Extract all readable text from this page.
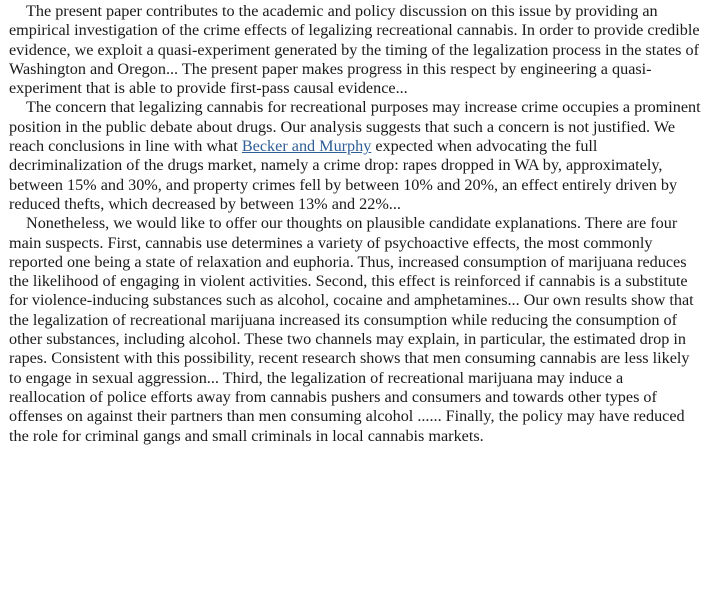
The present paper contributes to the academic and policy discussion on this issue by providing an empirical investigation of the crime effects of legalizing recreational cannabis. In order to provide credible evidence, we exploit a quasi-experiment generated by the timing of the legalization process in the states of Washington and Oregon... The present paper makes progress in this respect by engineering a quasi-experiment that is able to provide first-pass causal evidence...

The concern that legalizing cannabis for recreational purposes may increase crime occupies a prominent position in the public debate about drugs. Our analysis suggests that such a concern is not justified. We reach conclusions in line with what Becker and Murphy expected when advocating the full decriminalization of the drugs market, namely a crime drop: rapes dropped in WA by, approximately, between 15% and 30%, and property crimes fell by between 10% and 20%, an effect entirely driven by reduced thefts, which decreased by between 13% and 22%...

Nonetheless, we would like to offer our thoughts on plausible candidate explanations. There are four main suspects. First, cannabis use determines a variety of psychoactive effects, the most commonly reported one being a state of relaxation and euphoria. Thus, increased consumption of marijuana reduces the likelihood of engaging in violent activities. Second, this effect is reinforced if cannabis is a substitute for violence-inducing substances such as alcohol, cocaine and amphetamines... Our own results show that the legalization of recreational marijuana increased its consumption while reducing the consumption of other substances, including alcohol. These two channels may explain, in particular, the estimated drop in rapes. Consistent with this possibility, recent research shows that men consuming cannabis are less likely to engage in sexual aggression... Third, the legalization of recreational marijuana may induce a reallocation of police efforts away from cannabis pushers and consumers and towards other types of offenses on against their partners than men consuming alcohol ...... Finally, the policy may have reduced the role for criminal gangs and small criminals in local cannabis markets.
